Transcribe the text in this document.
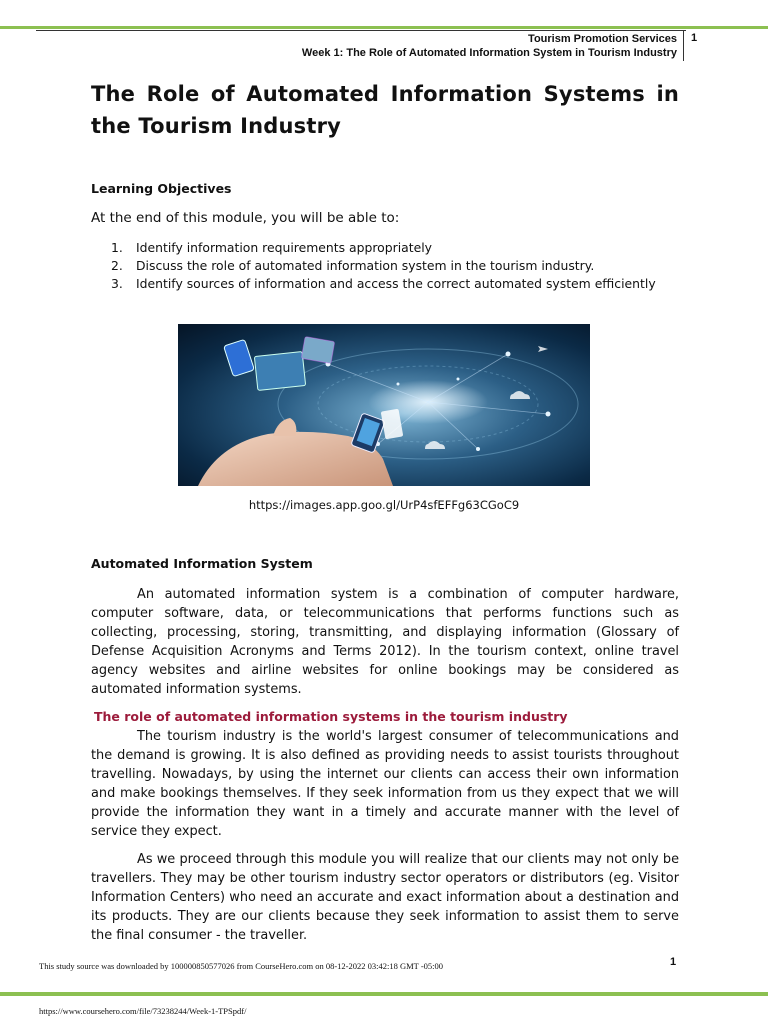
Tourism Promotion Services
Week 1: The Role of Automated Information System in Tourism Industry
1
The Role of Automated Information Systems in the Tourism Industry
Learning Objectives
At the end of this module, you will be able to:
1. Identify information requirements appropriately
2. Discuss the role of automated information system in the tourism industry.
3. Identify sources of information and access the correct automated system efficiently
https://images.app.goo.gl/UrP4sfEFFg63CGoC9
Automated Information System

An automated information system is a combination of computer hardware, computer software, data, or telecommunications that performs functions such as collecting, processing, storing, transmitting, and displaying information (Glossary of Defense Acquisition Acronyms and Terms 2012). In the tourism context, online travel agency websites and airline websites for online bookings may be considered as automated information systems.

The role of automated information systems in the tourism industry

The tourism industry is the world's largest consumer of telecommunications and the demand is growing. It is also defined as providing needs to assist tourists throughout travelling. Nowadays, by using the internet our clients can access their own information and make bookings themselves. If they seek information from us they expect that we will provide the information they want in a timely and accurate manner with the level of service they expect.

As we proceed through this module you will realize that our clients may not only be travellers. They may be other tourism industry sector operators or distributors (eg. Visitor Information Centers) who need an accurate and exact information about a destination and its products. They are our clients because they seek information to assist them to serve the final consumer - the traveller.

This study source was downloaded by 100000850577026 from CourseHero.com on 08-12-2022 03:42:18 GMT -05:00	1
https://www.coursehero.com/file/73238244/Week-1-TPSpdf/
